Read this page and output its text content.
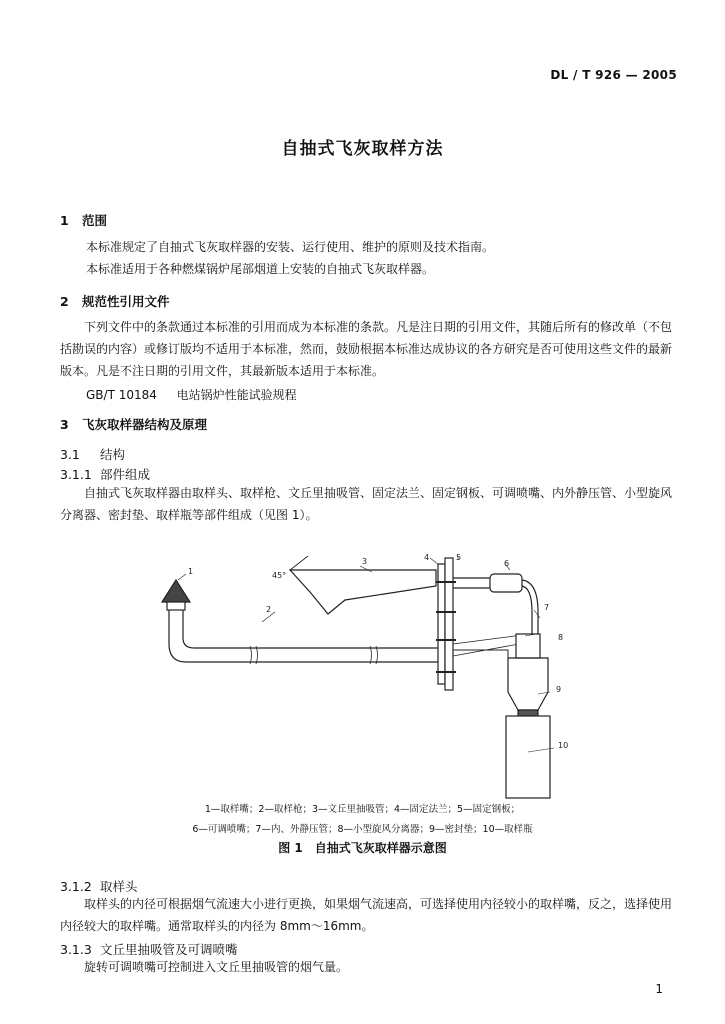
DL / T 926 — 2005
自抽式飞灰取样方法
1 范围
本标准规定了自抽式飞灰取样器的安装、运行使用、维护的原则及技术指南。
本标准适用于各种燃煤锅炉尾部烟道上安装的自抽式飞灰取样器。
2 规范性引用文件
下列文件中的条款通过本标准的引用而成为本标准的条款。凡是注日期的引用文件，其随后所有的修改单（不包括勘误的内容）或修订版均不适用于本标准，然而，鼓励根据本标准达成协议的各方研究是否可使用这些文件的最新版本。凡是不注日期的引用文件，其最新版本适用于本标准。
GB/T 10184 电站锅炉性能试验规程
3 飞灰取样器结构及原理
3.1 结构
3.1.1 部件组成
自抽式飞灰取样器由取样头、取样枪、文丘里抽吸管、固定法兰、固定钢板、可调喷嘴、内外静压管、小型旋风分离器、密封垫、取样瓶等部件组成（见图 1）。
1
2
3	4	5
6
7
8
9
10
45°
1—取样嘴；2—取样枪；3—文丘里抽吸管；4—固定法兰；5—固定钢板；
6—可调喷嘴；7—内、外静压管；8—小型旋风分离器；9—密封垫；10—取样瓶
图 1　自抽式飞灰取样器示意图
3.1.2 取样头
取样头的内径可根据烟气流速大小进行更换，如果烟气流速高，可选择使用内径较小的取样嘴，反之，选择使用内径较大的取样嘴。通常取样头的内径为 8mm～16mm。
3.1.3 文丘里抽吸管及可调喷嘴
旋转可调喷嘴可控制进入文丘里抽吸管的烟气量。
1
